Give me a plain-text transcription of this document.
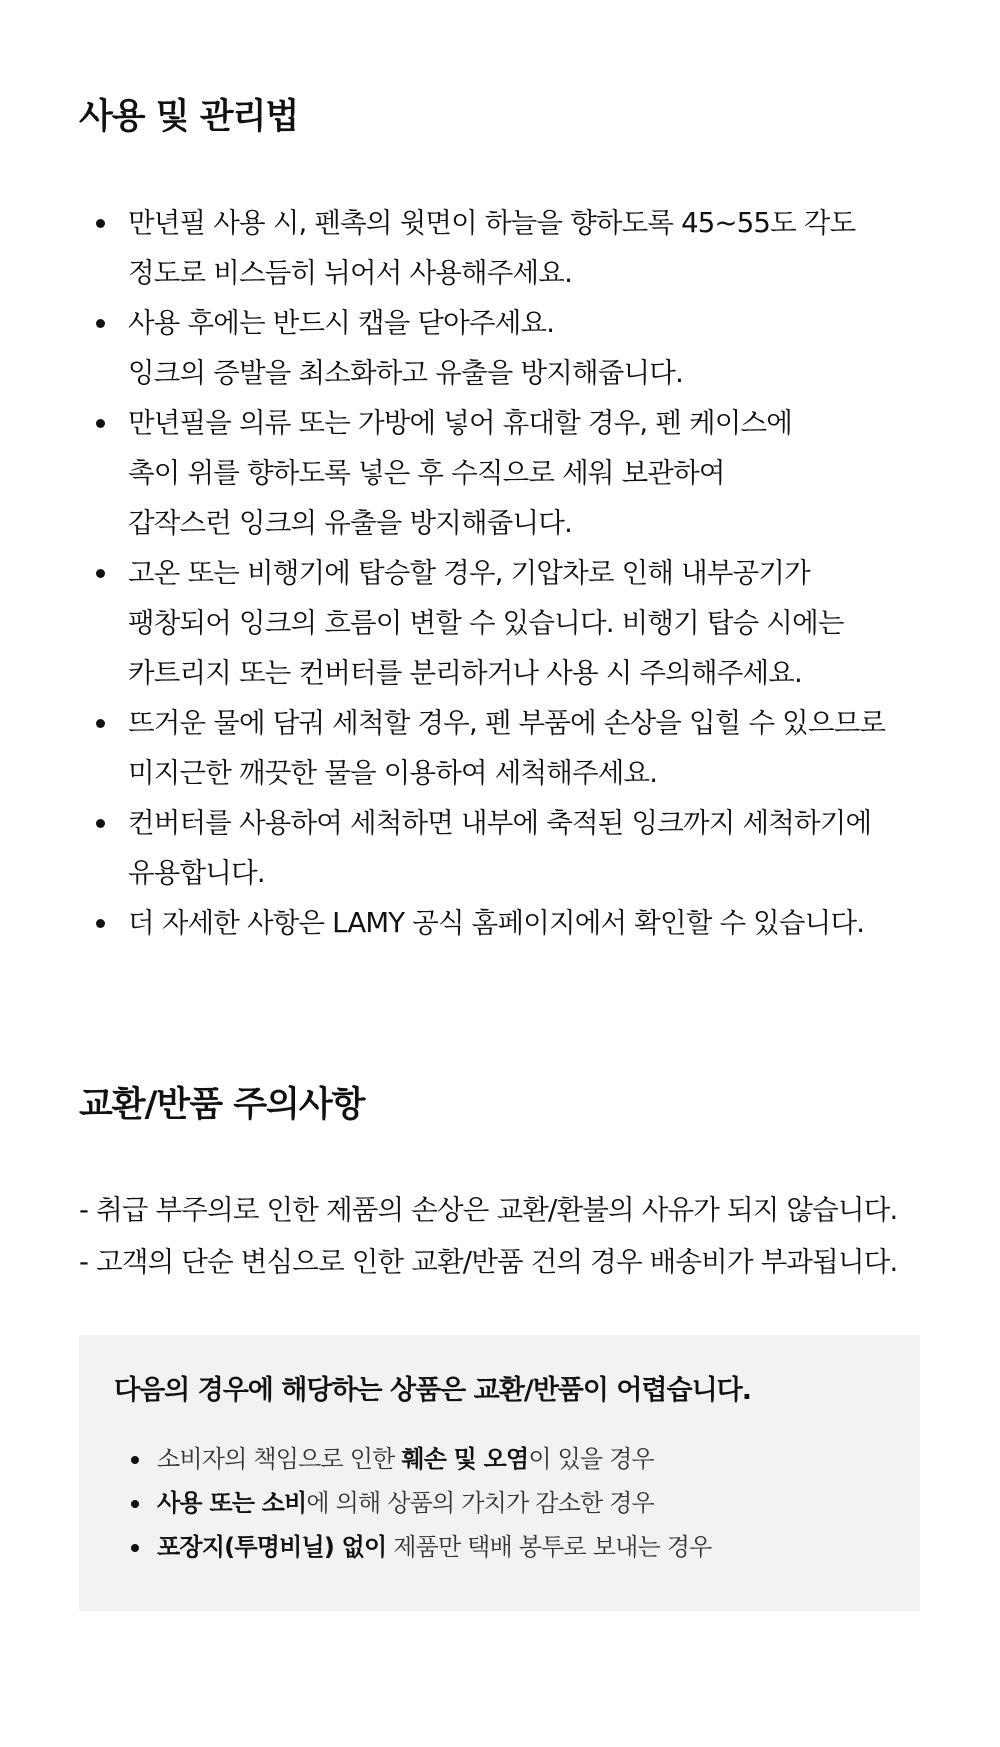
사용 및 관리법
만년필 사용 시, 펜촉의 윗면이 하늘을 향하도록 45~55도 각도
정도로 비스듬히 뉘어서 사용해주세요.
사용 후에는 반드시 캡을 닫아주세요.
잉크의 증발을 최소화하고 유출을 방지해줍니다.
만년필을 의류 또는 가방에 넣어 휴대할 경우, 펜 케이스에
촉이 위를 향하도록 넣은 후 수직으로 세워 보관하여
갑작스런 잉크의 유출을 방지해줍니다.
고온 또는 비행기에 탑승할 경우, 기압차로 인해 내부공기가
팽창되어 잉크의 흐름이 변할 수 있습니다. 비행기 탑승 시에는
카트리지 또는 컨버터를 분리하거나 사용 시 주의해주세요.
뜨거운 물에 담궈 세척할 경우, 펜 부품에 손상을 입힐 수 있으므로
미지근한 깨끗한 물을 이용하여 세척해주세요.
컨버터를 사용하여 세척하면 내부에 축적된 잉크까지 세척하기에
유용합니다.
더 자세한 사항은 LAMY 공식 홈페이지에서 확인할 수 있습니다.
교환/반품 주의사항
- 취급 부주의로 인한 제품의 손상은 교환/환불의 사유가 되지 않습니다.
- 고객의 단순 변심으로 인한 교환/반품 건의 경우 배송비가 부과됩니다.
다음의 경우에 해당하는 상품은 교환/반품이 어렵습니다.
소비자의 책임으로 인한 훼손 및 오염이 있을 경우
사용 또는 소비에 의해 상품의 가치가 감소한 경우
포장지(투명비닐) 없이 제품만 택배 봉투로 보내는 경우
